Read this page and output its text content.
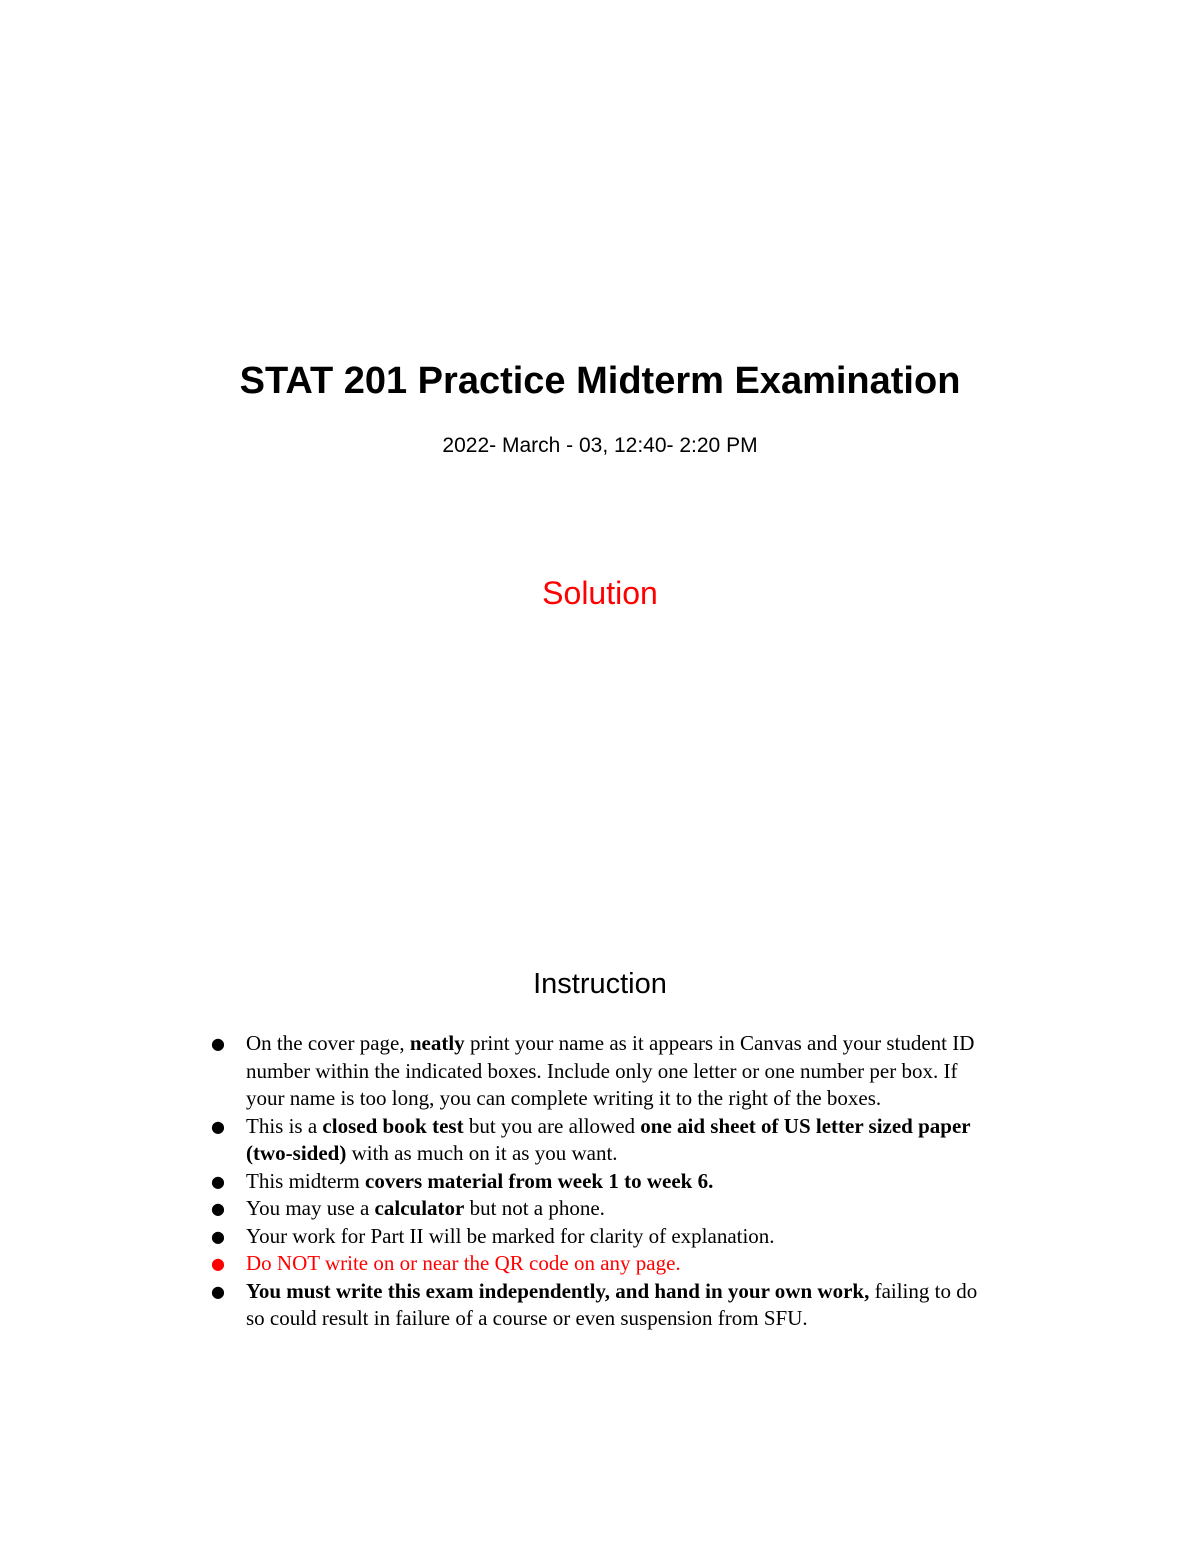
STAT 201 Practice Midterm Examination
2022- March - 03, 12:40- 2:20 PM
Solution
Instruction
● On the cover page, neatly print your name as it appears in Canvas and your student ID number within the indicated boxes. Include only one letter or one number per box. If your name is too long, you can complete writing it to the right of the boxes.
● This is a closed book test but you are allowed one aid sheet of US letter sized paper (two-sided) with as much on it as you want.
● This midterm covers material from week 1 to week 6.
● You may use a calculator but not a phone.
● Your work for Part II will be marked for clarity of explanation.
● Do NOT write on or near the QR code on any page.
● You must write this exam independently, and hand in your own work, failing to do so could result in failure of a course or even suspension from SFU.
